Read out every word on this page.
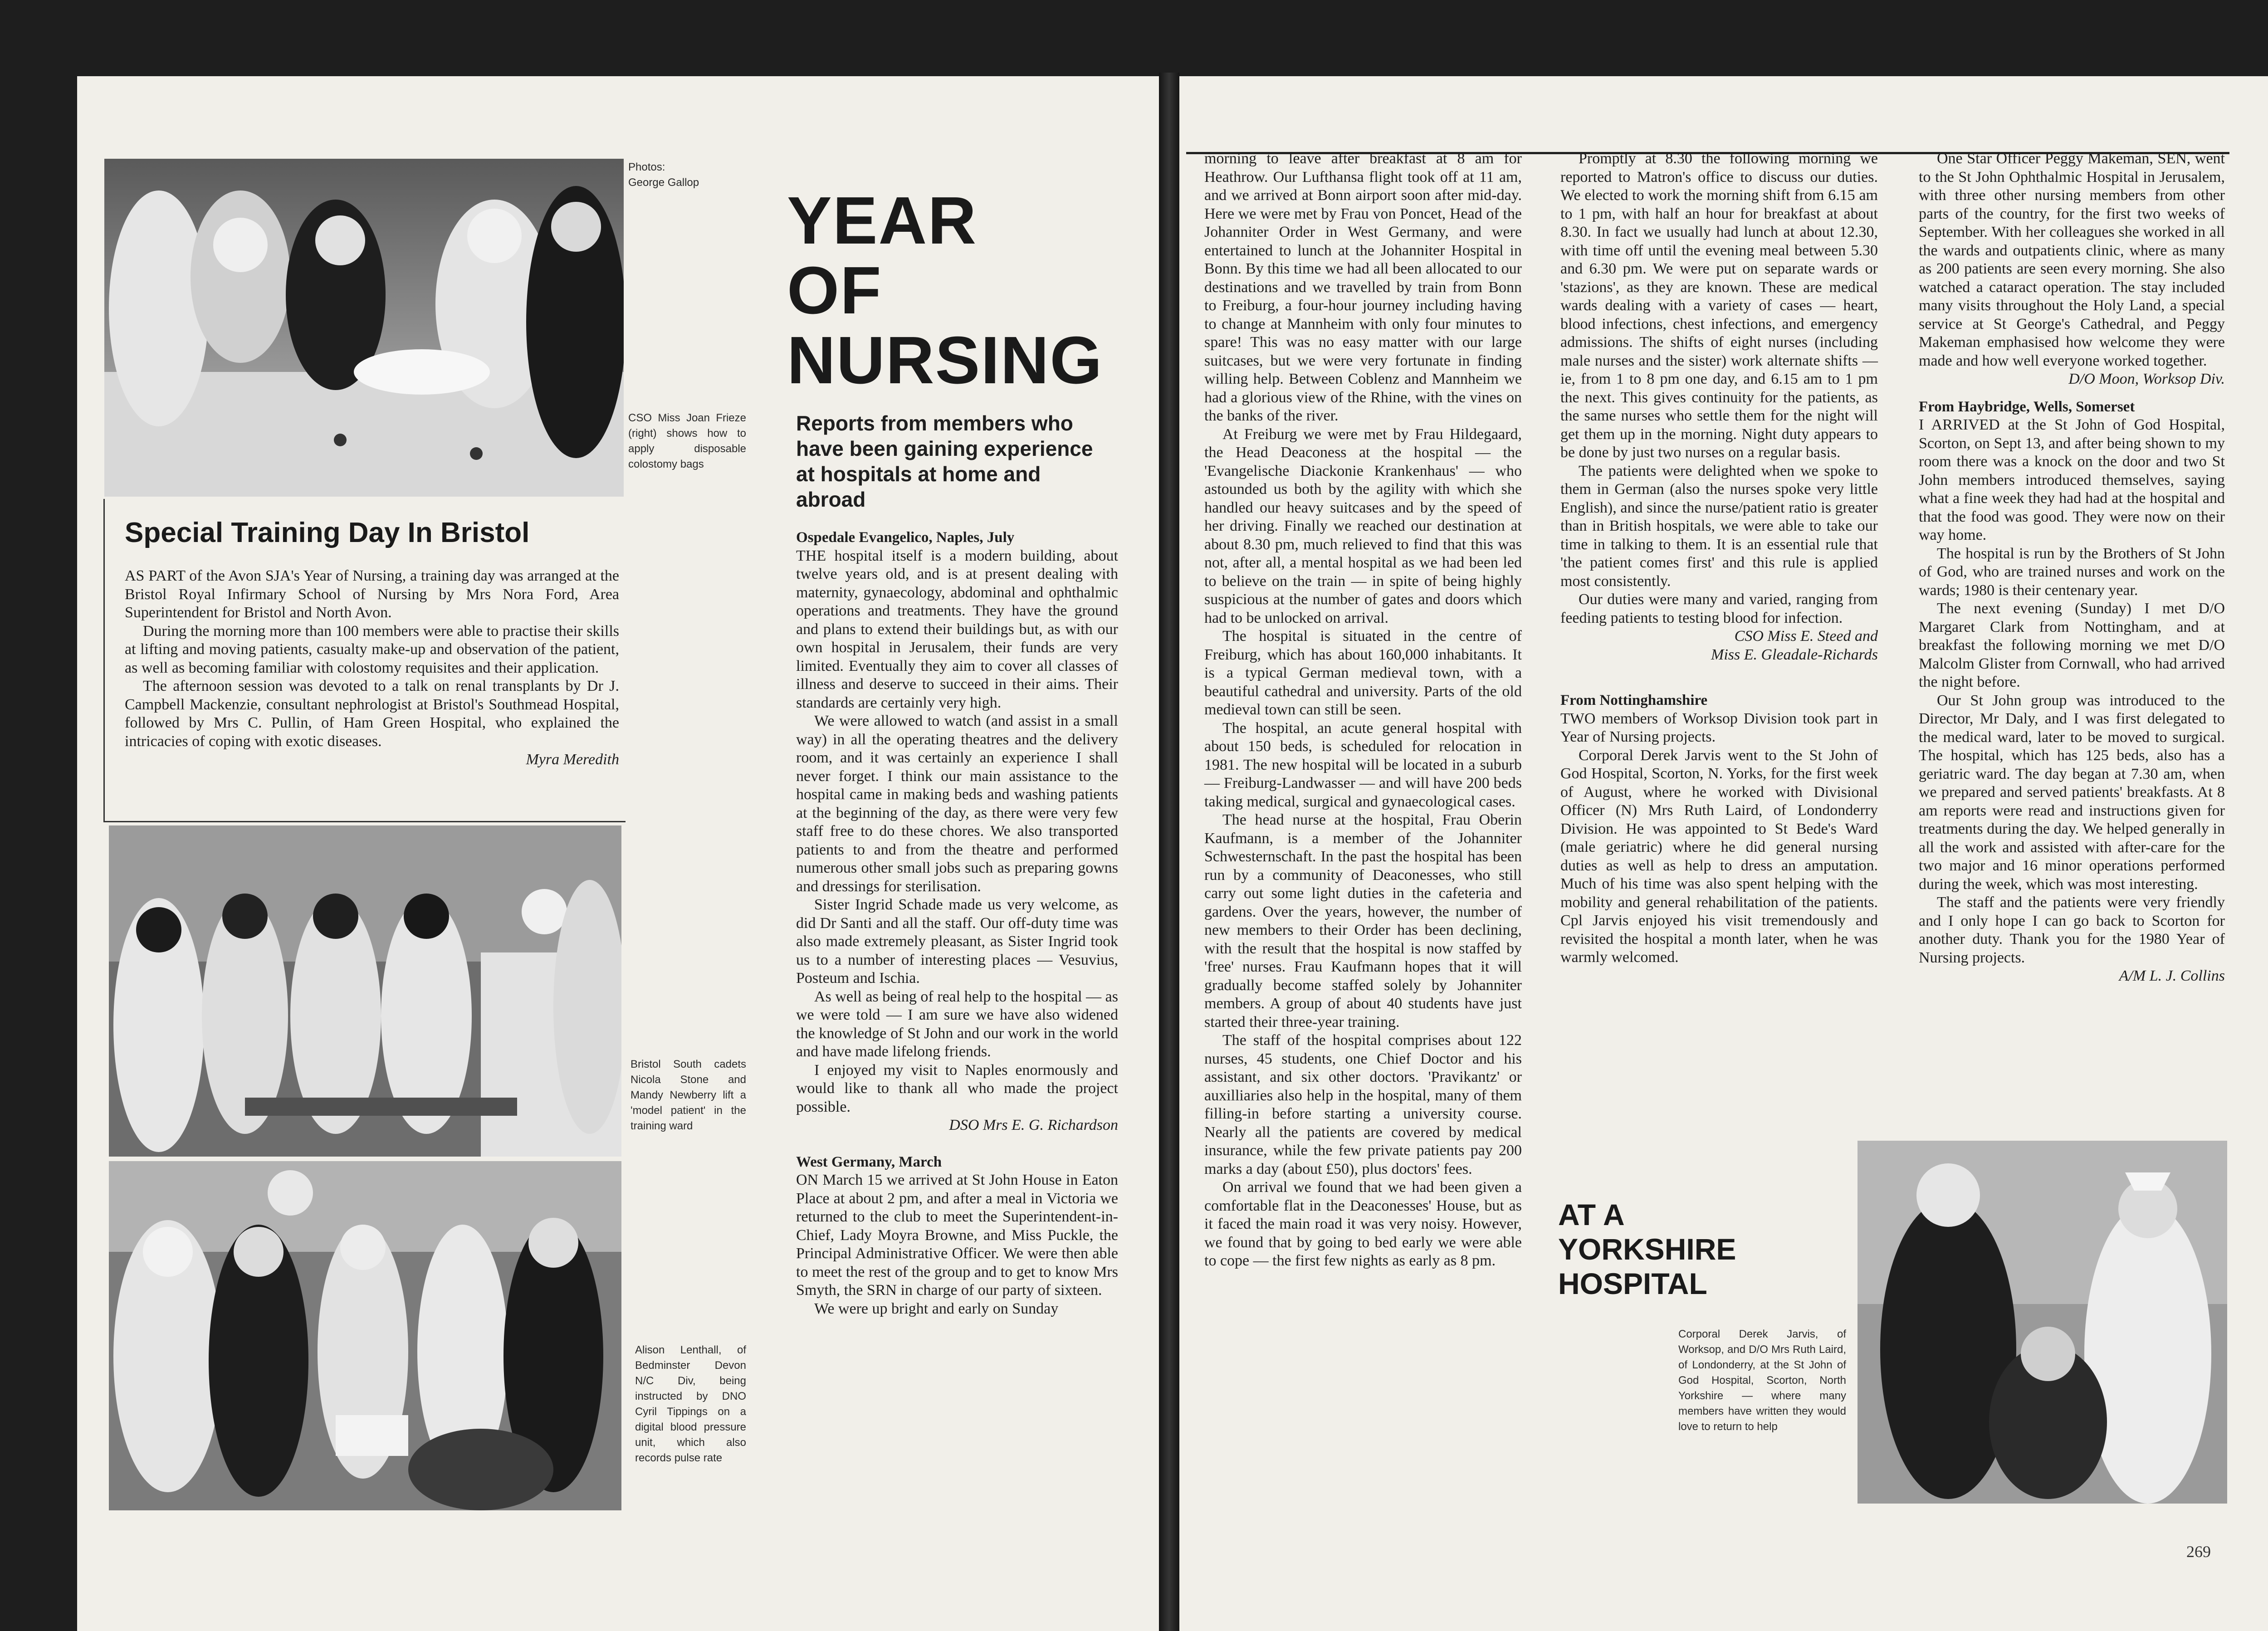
Photos:
George Gallop
CSO Miss Joan Frieze (right) shows how to apply disposable colostomy bags
Special Training Day In Bristol

AS PART of the Avon SJA's Year of Nursing, a training day was arranged at the Bristol Royal Infirmary School of Nursing by Mrs Nora Ford, Area Superintendent for Bristol and North Avon.

During the morning more than 100 members were able to practise their skills at lifting and moving patients, casualty make-up and observation of the patient, as well as becoming familiar with colostomy requisites and their application.

The afternoon session was devoted to a talk on renal transplants by Dr J. Campbell Mackenzie, consultant nephrologist at Bristol's Southmead Hospital, followed by Mrs C. Pullin, of Ham Green Hospital, who explained the intricacies of coping with exotic diseases.

Myra Meredith

Bristol South cadets Nicola Stone and Mandy Newberry lift a 'model patient' in the training ward
Alison Lenthall, of Bedminster Devon N/C Div, being instructed by DNO Cyril Tippings on a digital blood pressure unit, which also records pulse rate
YEAR
OF
NURSING
Reports from members who have been gaining experience at hospitals at home and abroad

Ospedale Evangelico, Naples, July

THE hospital itself is a modern building, about twelve years old, and is at present dealing with maternity, gynaecology, abdominal and ophthalmic operations and treatments. They have the ground and plans to extend their buildings but, as with our own hospital in Jerusalem, their funds are very limited. Eventually they aim to cover all classes of illness and deserve to succeed in their aims. Their standards are certainly very high.

We were allowed to watch (and assist in a small way) in all the operating theatres and the delivery room, and it was certainly an experience I shall never forget. I think our main assistance to the hospital came in making beds and washing patients at the beginning of the day, as there were very few staff free to do these chores. We also transported patients to and from the theatre and performed numerous other small jobs such as preparing gowns and dressings for sterilisation.

Sister Ingrid Schade made us very welcome, as did Dr Santi and all the staff. Our off-duty time was also made extremely pleasant, as Sister Ingrid took us to a number of interesting places — Vesuvius, Posteum and Ischia.

As well as being of real help to the hospital — as we were told — I am sure we have also widened the knowledge of St John and our work in the world and have made lifelong friends.

I enjoyed my visit to Naples enormously and would like to thank all who made the project possible.

DSO Mrs E. G. Richardson

West Germany, March

ON March 15 we arrived at St John House in Eaton Place at about 2 pm, and after a meal in Victoria we returned to the club to meet the Superintendent-in-Chief, Lady Moyra Browne, and Miss Puckle, the Principal Administrative Officer. We were then able to meet the rest of the group and to get to know Mrs Smyth, the SRN in charge of our party of sixteen.

We were up bright and early on Sunday

morning to leave after breakfast at 8 am for Heathrow. Our Lufthansa flight took off at 11 am, and we arrived at Bonn airport soon after mid-day. Here we were met by Frau von Poncet, Head of the Johanniter Order in West Germany, and were entertained to lunch at the Johanniter Hospital in Bonn. By this time we had all been allocated to our destinations and we travelled by train from Bonn to Freiburg, a four-hour journey including having to change at Mannheim with only four minutes to spare! This was no easy matter with our large suitcases, but we were very fortunate in finding willing help. Between Coblenz and Mannheim we had a glorious view of the Rhine, with the vines on the banks of the river.

At Freiburg we were met by Frau Hildegaard, the Head Deaconess at the hospital — the 'Evangelische Diackonie Krankenhaus' — who astounded us both by the agility with which she handled our heavy suitcases and by the speed of her driving. Finally we reached our destination at about 8.30 pm, much relieved to find that this was not, after all, a mental hospital as we had been led to believe on the train — in spite of being highly suspicious at the number of gates and doors which had to be unlocked on arrival.

The hospital is situated in the centre of Freiburg, which has about 160,000 inhabitants. It is a typical German medieval town, with a beautiful cathedral and university. Parts of the old medieval town can still be seen.

The hospital, an acute general hospital with about 150 beds, is scheduled for relocation in 1981. The new hospital will be located in a suburb — Freiburg-Landwasser — and will have 200 beds taking medical, surgical and gynaecological cases.

The head nurse at the hospital, Frau Oberin Kaufmann, is a member of the Johanniter Schwesternschaft. In the past the hospital has been run by a community of Deaconesses, who still carry out some light duties in the cafeteria and gardens. Over the years, however, the number of new members to their Order has been declining, with the result that the hospital is now staffed by 'free' nurses. Frau Kaufmann hopes that it will gradually become staffed solely by Johanniter members. A group of about 40 students have just started their three-year training.

The staff of the hospital comprises about 122 nurses, 45 students, one Chief Doctor and his assistant, and six other doctors. 'Pravikantz' or auxilliaries also help in the hospital, many of them filling-in before starting a university course. Nearly all the patients are covered by medical insurance, while the few private patients pay 200 marks a day (about £50), plus doctors' fees.

On arrival we found that we had been given a comfortable flat in the Deaconesses' House, but as it faced the main road it was very noisy. However, we found that by going to bed early we were able to cope — the first few nights as early as 8 pm.

Promptly at 8.30 the following morning we reported to Matron's office to discuss our duties. We elected to work the morning shift from 6.15 am to 1 pm, with half an hour for breakfast at about 8.30. In fact we usually had lunch at about 12.30, with time off until the evening meal between 5.30 and 6.30 pm. We were put on separate wards or 'stazions', as they are known. These are medical wards dealing with a variety of cases — heart, blood infections, chest infections, and emergency admissions. The shifts of eight nurses (including male nurses and the sister) work alternate shifts — ie, from 1 to 8 pm one day, and 6.15 am to 1 pm the next. This gives continuity for the patients, as the same nurses who settle them for the night will get them up in the morning. Night duty appears to be done by just two nurses on a regular basis.

The patients were delighted when we spoke to them in German (also the nurses spoke very little English), and since the nurse/patient ratio is greater than in British hospitals, we were able to take our time in talking to them. It is an essential rule that 'the patient comes first' and this rule is applied most consistently.

Our duties were many and varied, ranging from feeding patients to testing blood for infection.

CSO Miss E. Steed and

Miss E. Gleadale-Richards

From Nottinghamshire

TWO members of Worksop Division took part in Year of Nursing projects.

Corporal Derek Jarvis went to the St John of God Hospital, Scorton, N. Yorks, for the first week of August, where he worked with Divisional Officer (N) Mrs Ruth Laird, of Londonderry Division. He was appointed to St Bede's Ward (male geriatric) where he did general nursing duties as well as help to dress an amputation. Much of his time was also spent helping with the mobility and general rehabilitation of the patients. Cpl Jarvis enjoyed his visit tremendously and revisited the hospital a month later, when he was warmly welcomed.

AT A
YORKSHIRE
HOSPITAL
Corporal Derek Jarvis, of Worksop, and D/O Mrs Ruth Laird, of Londonderry, at the St John of God Hospital, Scorton, North Yorkshire — where many members have written they would love to return to help

One Star Officer Peggy Makeman, SEN, went to the St John Ophthalmic Hospital in Jerusalem, with three other nursing members from other parts of the country, for the first two weeks of September. With her colleagues she worked in all the wards and outpatients clinic, where as many as 200 patients are seen every morning. She also watched a cataract operation. The stay included many visits throughout the Holy Land, a special service at St George's Cathedral, and Peggy Makeman emphasised how welcome they were made and how well everyone worked together.

D/O Moon, Worksop Div.

From Haybridge, Wells, Somerset

I ARRIVED at the St John of God Hospital, Scorton, on Sept 13, and after being shown to my room there was a knock on the door and two St John members introduced themselves, saying what a fine week they had had at the hospital and that the food was good. They were now on their way home.

The hospital is run by the Brothers of St John of God, who are trained nurses and work on the wards; 1980 is their centenary year.

The next evening (Sunday) I met D/O Margaret Clark from Nottingham, and at breakfast the following morning we met D/O Malcolm Glister from Cornwall, who had arrived the night before.

Our St John group was introduced to the Director, Mr Daly, and I was first delegated to the medical ward, later to be moved to surgical. The hospital, which has 125 beds, also has a geriatric ward. The day began at 7.30 am, when we prepared and served patients' breakfasts. At 8 am reports were read and instructions given for treatments during the day. We helped generally in all the work and assisted with after-care for the two major and 16 minor operations performed during the week, which was most interesting.

The staff and the patients were very friendly and I only hope I can go back to Scorton for another duty. Thank you for the 1980 Year of Nursing projects.

A/M L. J. Collins

269
